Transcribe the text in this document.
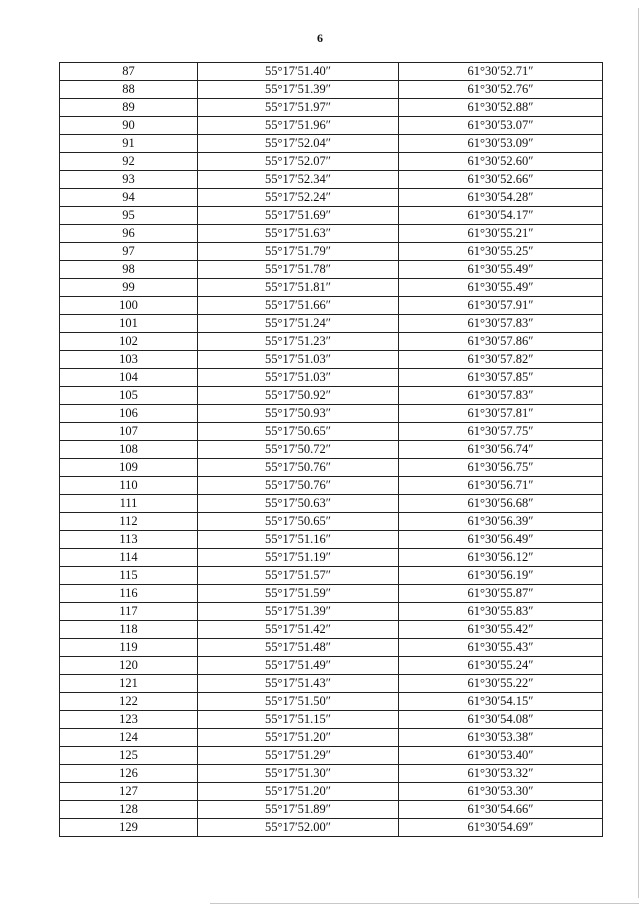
6
87	55°17′51.40″	61°30′52.71″
88	55°17′51.39″	61°30′52.76″
89	55°17′51.97″	61°30′52.88″
90	55°17′51.96″	61°30′53.07″
91	55°17′52.04″	61°30′53.09″
92	55°17′52.07″	61°30′52.60″
93	55°17′52.34″	61°30′52.66″
94	55°17′52.24″	61°30′54.28″
95	55°17′51.69″	61°30′54.17″
96	55°17′51.63″	61°30′55.21″
97	55°17′51.79″	61°30′55.25″
98	55°17′51.78″	61°30′55.49″
99	55°17′51.81″	61°30′55.49″
100	55°17′51.66″	61°30′57.91″
101	55°17′51.24″	61°30′57.83″
102	55°17′51.23″	61°30′57.86″
103	55°17′51.03″	61°30′57.82″
104	55°17′51.03″	61°30′57.85″
105	55°17′50.92″	61°30′57.83″
106	55°17′50.93″	61°30′57.81″
107	55°17′50.65″	61°30′57.75″
108	55°17′50.72″	61°30′56.74″
109	55°17′50.76″	61°30′56.75″
110	55°17′50.76″	61°30′56.71″
111	55°17′50.63″	61°30′56.68″
112	55°17′50.65″	61°30′56.39″
113	55°17′51.16″	61°30′56.49″
114	55°17′51.19″	61°30′56.12″
115	55°17′51.57″	61°30′56.19″
116	55°17′51.59″	61°30′55.87″
117	55°17′51.39″	61°30′55.83″
118	55°17′51.42″	61°30′55.42″
119	55°17′51.48″	61°30′55.43″
120	55°17′51.49″	61°30′55.24″
121	55°17′51.43″	61°30′55.22″
122	55°17′51.50″	61°30′54.15″
123	55°17′51.15″	61°30′54.08″
124	55°17′51.20″	61°30′53.38″
125	55°17′51.29″	61°30′53.40″
126	55°17′51.30″	61°30′53.32″
127	55°17′51.20″	61°30′53.30″
128	55°17′51.89″	61°30′54.66″
129	55°17′52.00″	61°30′54.69″
